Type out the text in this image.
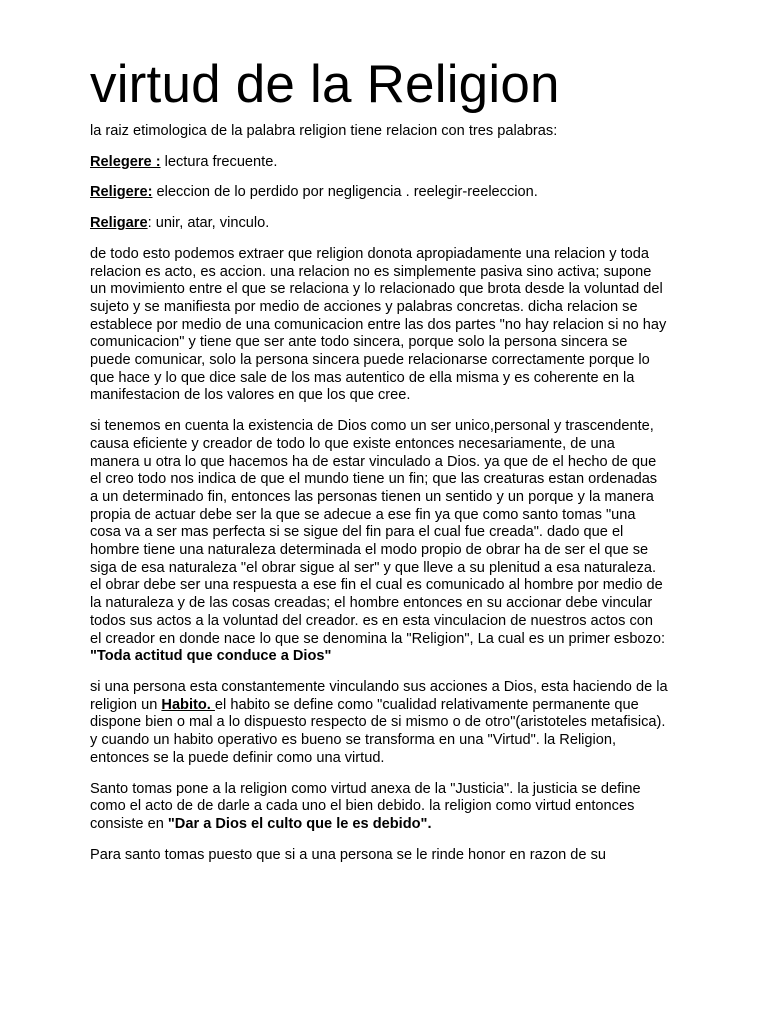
virtud de la Religion

la raiz etimologica de la palabra religion tiene relacion con tres palabras:

Relegere : lectura frecuente.

Religere: eleccion de lo perdido por negligencia . reelegir-reeleccion.

Religare: unir, atar, vinculo.

de todo esto podemos extraer que religion donota apropiadamente una relacion y toda relacion es acto, es accion. una relacion no es simplemente pasiva sino activa; supone un movimiento entre el que se relaciona y lo relacionado que brota desde la voluntad del sujeto y se manifiesta por medio de acciones y palabras concretas. dicha relacion se establece por medio de una comunicacion entre las dos partes "no hay relacion si no hay comunicacion" y tiene que ser ante todo sincera, porque solo la persona sincera se puede comunicar, solo la persona sincera puede relacionarse correctamente porque lo que hace y lo que dice sale de los mas autentico de ella misma y es coherente en la manifestacion de los valores en que los que cree.

si tenemos en cuenta la existencia de Dios como un ser unico,personal y trascendente, causa eficiente y creador de todo lo que existe entonces necesariamente, de una manera u otra lo que hacemos ha de estar vinculado a Dios. ya que de el hecho de que el creo todo nos indica de que el mundo tiene un fin; que las creaturas estan ordenadas a un determinado fin, entonces las personas tienen un sentido y un porque y la manera propia de actuar debe ser la que se adecue a ese fin ya que como santo tomas "una cosa va a ser mas perfecta si se sigue del fin para el cual fue creada". dado que el hombre tiene una naturaleza determinada el modo propio de obrar ha de ser el que se siga de esa naturaleza "el obrar sigue al ser" y que lleve a su plenitud a esa naturaleza. el obrar debe ser una respuesta a ese fin el cual es comunicado al hombre por medio de la naturaleza y de las cosas creadas; el hombre entonces en su accionar debe vincular todos sus actos a la voluntad del creador. es en esta vinculacion de nuestros actos con el creador en donde nace lo que se denomina la "Religion", La cual es un primer esbozo: "Toda actitud que conduce a Dios"

si una persona esta constantemente vinculando sus acciones a Dios, esta haciendo de la religion un Habito. el habito se define como "cualidad relativamente permanente que dispone bien o mal a lo dispuesto respecto de si mismo o de otro"(aristoteles metafisica). y cuando un habito operativo es bueno se transforma en una "Virtud". la Religion, entonces se la puede definir como una virtud.

Santo tomas pone a la religion como virtud anexa de la "Justicia". la justicia se define como el acto de de darle a cada uno el bien debido. la religion como virtud entonces consiste en "Dar a Dios el culto que le es debido".

Para santo tomas puesto que si a una persona se le rinde honor en razon de su
